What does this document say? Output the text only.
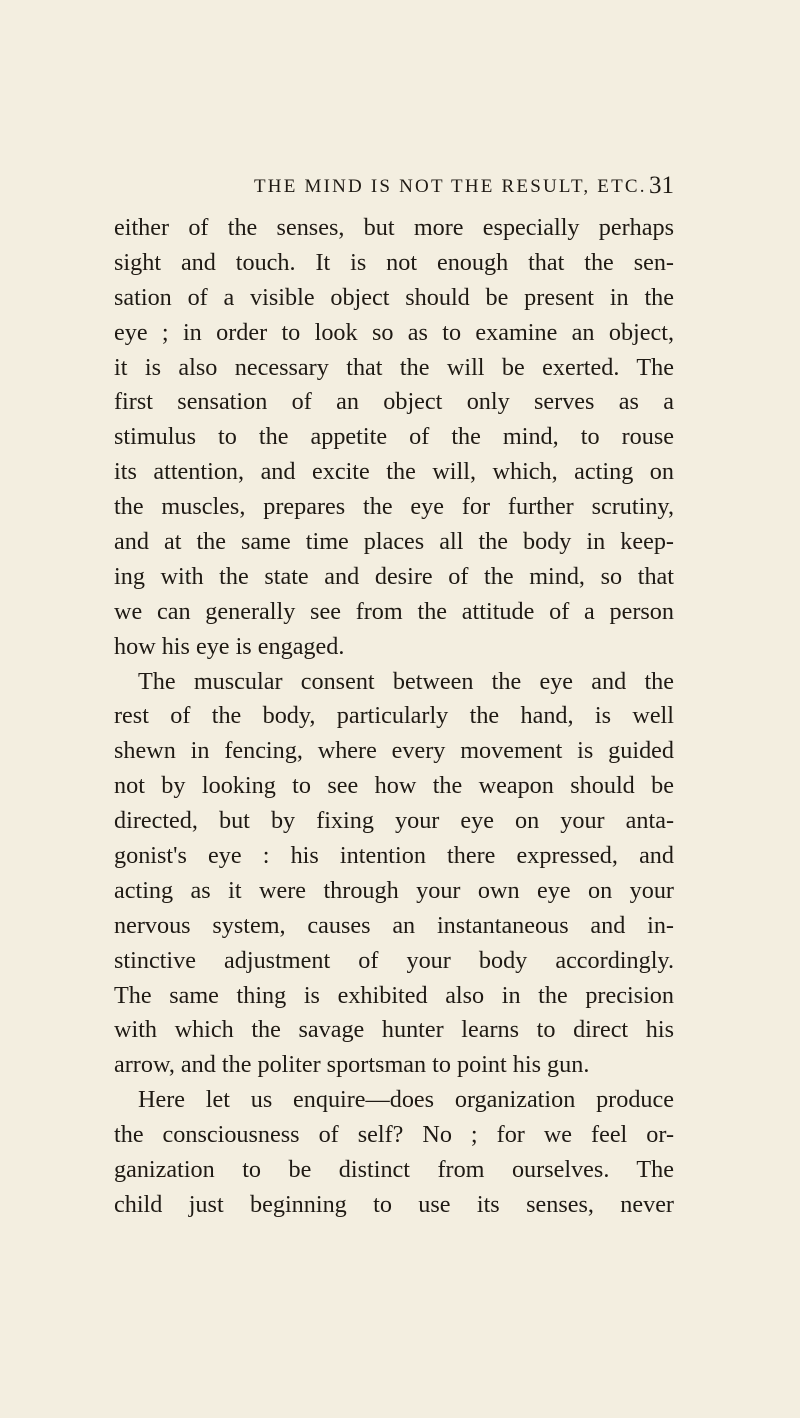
THE MIND IS NOT THE RESULT, ETC. 31
either of the senses, but more especially perhaps
sight and touch. It is not enough that the sen-
sation of a visible object should be present in the
eye ; in order to look so as to examine an object,
it is also necessary that the will be exerted. The
first sensation of an object only serves as a
stimulus to the appetite of the mind, to rouse
its attention, and excite the will, which, acting on
the muscles, prepares the eye for further scrutiny,
and at the same time places all the body in keep-
ing with the state and desire of the mind, so that
we can generally see from the attitude of a person
how his eye is engaged.
The muscular consent between the eye and the
rest of the body, particularly the hand, is well
shewn in fencing, where every movement is guided
not by looking to see how the weapon should be
directed, but by fixing your eye on your anta-
gonist's eye : his intention there expressed, and
acting as it were through your own eye on your
nervous system, causes an instantaneous and in-
stinctive adjustment of your body accordingly.
The same thing is exhibited also in the precision
with which the savage hunter learns to direct his
arrow, and the politer sportsman to point his gun.
Here let us enquire—does organization produce
the consciousness of self? No ; for we feel or-
ganization to be distinct from ourselves. The
child just beginning to use its senses, never
